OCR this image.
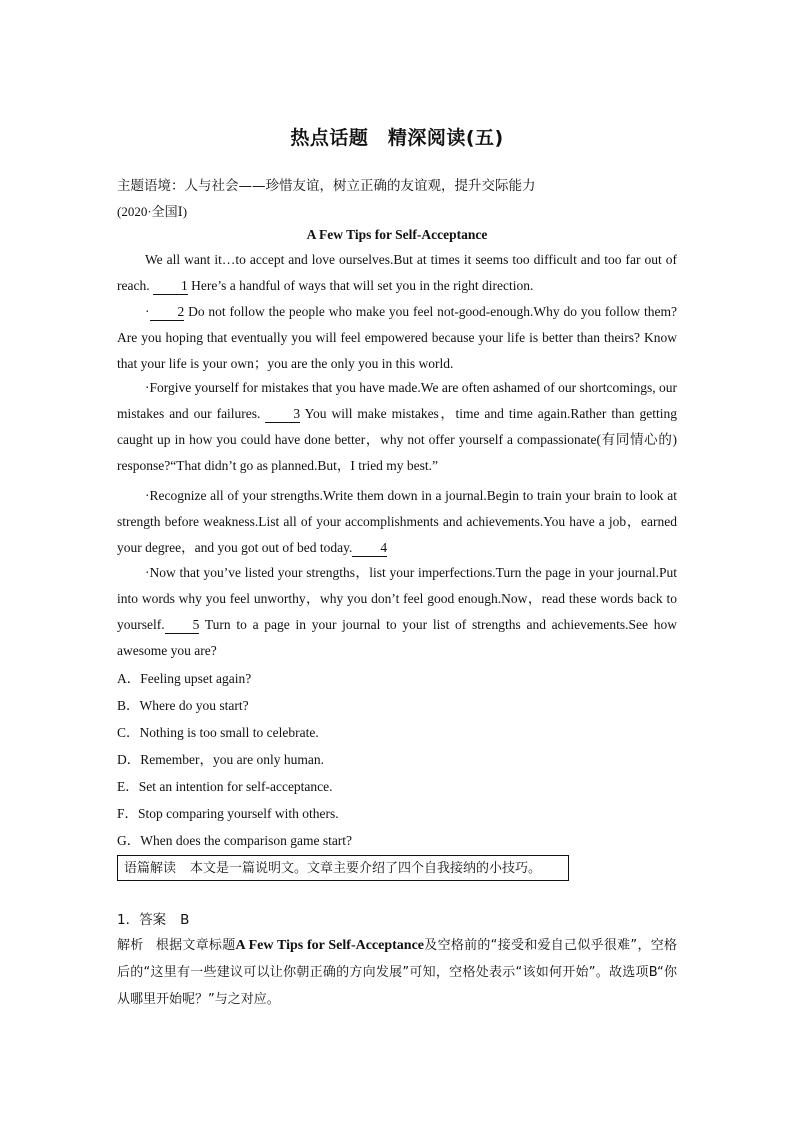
热点话题　精深阅读(五)
主题语境：人与社会——珍惜友谊，树立正确的友谊观，提升交际能力
(2020·全国Ⅰ)
A Few Tips for Self-Acceptance
We all want it…to accept and love ourselves.But at times it seems too difficult and too far out of reach. 1 Here’s a handful of ways that will set you in the right direction.
· 2 Do not follow the people who make you feel not-good-enough.Why do you follow them? Are you hoping that eventually you will feel empowered because your life is better than theirs? Know that your life is your own；you are the only you in this world.
·Forgive yourself for mistakes that you have made.We are often ashamed of our shortcomings, our mistakes and our failures. 3 You will make mistakes，time and time again.Rather than getting caught up in how you could have done better，why not offer yourself a compassionate(有同情心的) response?“That didn’t go as planned.But，I tried my best.”
·Recognize all of your strengths.Write them down in a journal.Begin to train your brain to look at strength before weakness.List all of your accomplishments and achievements.You have a job，earned your degree，and you got out of bed today. 4
·Now that you’ve listed your strengths，list your imperfections.Turn the page in your journal.Put into words why you feel unworthy，why you don’t feel good enough.Now，read these words back to yourself. 5 Turn to a page in your journal to your list of strengths and achievements.See how awesome you are?
A．Feeling upset again?
B．Where do you start?
C．Nothing is too small to celebrate.
D．Remember，you are only human.
E．Set an intention for self-acceptance.
F．Stop comparing yourself with others.
G．When does the comparison game start?
语篇解读 本文是一篇说明文。文章主要介绍了四个自我接纳的小技巧。
1．答案 B
解析 根据文章标题A Few Tips for Self-Acceptance及空格前的“接受和爱自己似乎很难”，空格后的“这里有一些建议可以让你朝正确的方向发展”可知，空格处表示“该如何开始”。故选项B“你从哪里开始呢？”与之对应。
